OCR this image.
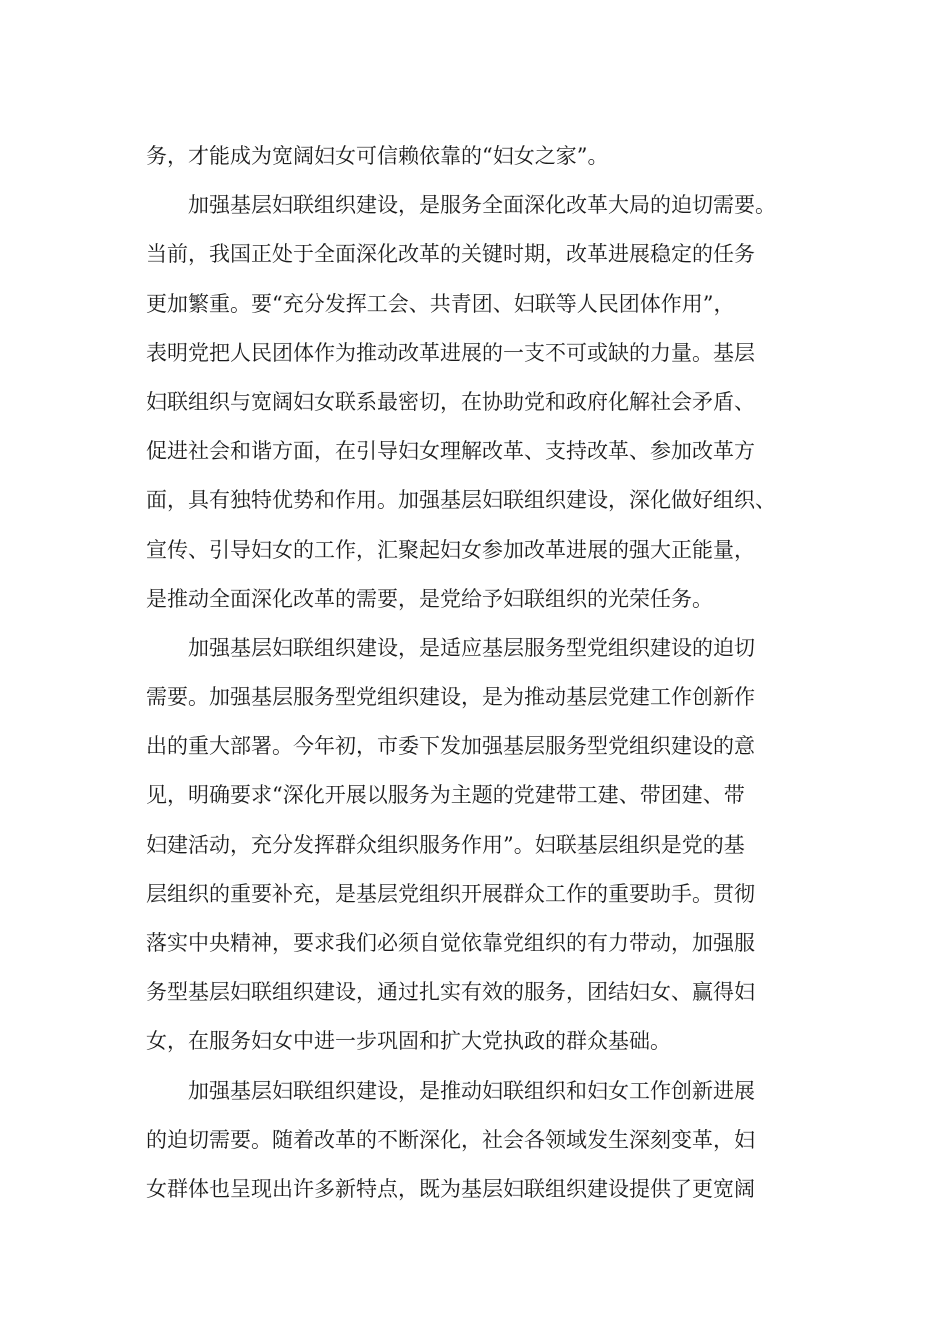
务，才能成为宽阔妇女可信赖依靠的“妇女之家”。
　　加强基层妇联组织建设，是服务全面深化改革大局的迫切需要。
当前，我国正处于全面深化改革的关键时期，改革进展稳定的任务
更加繁重。要“充分发挥工会、共青团、妇联等人民团体作用”，
表明党把人民团体作为推动改革进展的一支不可或缺的力量。基层
妇联组织与宽阔妇女联系最密切，在协助党和政府化解社会矛盾、
促进社会和谐方面，在引导妇女理解改革、支持改革、参加改革方
面，具有独特优势和作用。加强基层妇联组织建设，深化做好组织、
宣传、引导妇女的工作，汇聚起妇女参加改革进展的强大正能量，
是推动全面深化改革的需要，是党给予妇联组织的光荣任务。
　　加强基层妇联组织建设，是适应基层服务型党组织建设的迫切
需要。加强基层服务型党组织建设，是为推动基层党建工作创新作
出的重大部署。今年初，市委下发加强基层服务型党组织建设的意
见，明确要求“深化开展以服务为主题的党建带工建、带团建、带
妇建活动，充分发挥群众组织服务作用”。妇联基层组织是党的基
层组织的重要补充，是基层党组织开展群众工作的重要助手。贯彻
落实中央精神，要求我们必须自觉依靠党组织的有力带动，加强服
务型基层妇联组织建设，通过扎实有效的服务，团结妇女、赢得妇
女，在服务妇女中进一步巩固和扩大党执政的群众基础。
　　加强基层妇联组织建设，是推动妇联组织和妇女工作创新进展
的迫切需要。随着改革的不断深化，社会各领域发生深刻变革，妇
女群体也呈现出许多新特点，既为基层妇联组织建设提供了更宽阔
